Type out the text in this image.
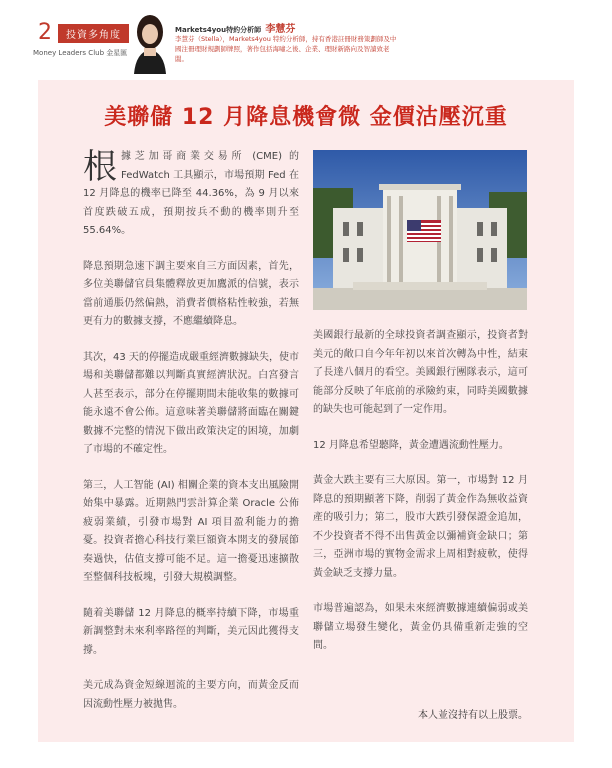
2	投資多角度
Money Leaders Club 金星匯
Markets4you特約分析師 李慧芬
李慧芬（Stella），Markets4you 特約分析師，持有香港註冊財務策劃師及中國注冊理財規劃師牌照，著作包括海嘯之後、企業、理財新路向及智讀致老闆。
美聯儲 12 月降息機會微 金價沽壓沉重

根據芝加哥商業交易所 (CME) 的 FedWatch 工具顯示，市場預期 Fed 在 12 月降息的機率已降至 44.36%，為 9 月以來首度跌破五成，預期按兵不動的機率則升至 55.64%。

降息預期急速下調主要來自三方面因素，首先，多位美聯儲官員集體釋放更加鷹派的信號，表示當前通脹仍然偏熱，消費者價格粘性較強，若無更有力的數據支撐，不應繼續降息。

其次，43 天的停擺造成嚴重經濟數據缺失，使市場和美聯儲都難以判斷真實經濟狀況。白宮發言人甚至表示，部分在停擺期間未能收集的數據可能永遠不會公佈。這意味著美聯儲將面臨在關鍵數據不完整的情況下做出政策決定的困境，加劇了市場的不確定性。

第三，人工智能 (AI) 相關企業的資本支出風險開始集中暴露。近期熱門雲計算企業 Oracle 公佈疲弱業績，引發市場對 AI 項目盈利能力的擔憂。投資者擔心科技行業巨額資本開支的發展節奏過快，估值支撐可能不足。這一擔憂迅速擴散至整個科技板塊，引發大規模調整。

隨着美聯儲 12 月降息的概率持續下降，市場重新調整對未來利率路徑的判斷，美元因此獲得支撐。

美元成為資金短線迴流的主要方向，而黃金反而因流動性壓力被拋售。

美國銀行最新的全球投資者調查顯示，投資者對美元的敞口自今年年初以來首次轉為中性，結束了長達八個月的看空。美國銀行團隊表示，這可能部分反映了年底前的承險約束，同時美國數據的缺失也可能起到了一定作用。

12 月降息希望聽降，黃金遭遇流動性壓力。

黃金大跌主要有三大原因。第一，市場對 12 月降息的預期顯著下降，削弱了黃金作為無收益資產的吸引力；第二，股市大跌引發保證金追加，不少投資者不得不出售黃金以彌補資金缺口；第三，亞洲市場的實物金需求上周相對疲軟，使得黃金缺乏支撐力量。

市場普遍認為，如果未來經濟數據連續偏弱或美聯儲立場發生變化，黃金仍具備重新走強的空間。

本人並沒持有以上股票。
